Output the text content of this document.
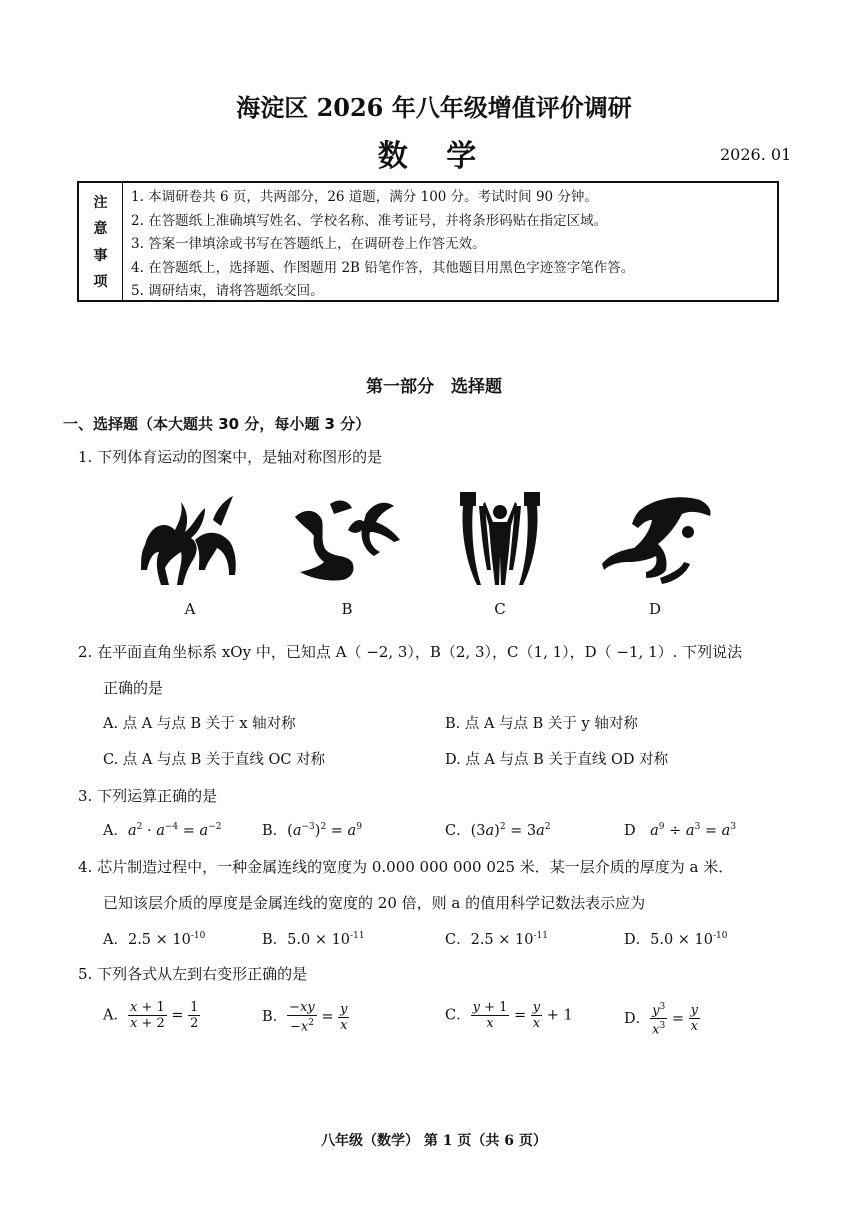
海淀区 2026 年八年级增值评价调研
数 学	2026. 01
注
意
事
项
1. 本调研卷共 6 页，共两部分，26 道题，满分 100 分。考试时间 90 分钟。
2. 在答题纸上准确填写姓名、学校名称、准考证号，并将条形码贴在指定区域。
3. 答案一律填涂或书写在答题纸上，在调研卷上作答无效。
4. 在答题纸上，选择题、作图题用 2B 铅笔作答，其他题目用黑色字迹签字笔作答。
5. 调研结束，请将答题纸交回。
第一部分　选择题
一、选择题（本大题共 30 分，每小题 3 分）
1. 下列体育运动的图案中，是轴对称图形的是
A	B	C	D
2. 在平面直角坐标系 xOy 中，已知点 A（ −2, 3），B（2, 3），C（1, 1），D（ −1, 1）. 下列说法
正确的是
A. 点 A 与点 B 关于 x 轴对称	B. 点 A 与点 B 关于 y 轴对称
C. 点 A 与点 B 关于直线 OC 对称	D. 点 A 与点 B 关于直线 OD 对称
3. 下列运算正确的是
A．$a^2 \cdot a^{-4} = a^{-2}$	B．$(a^{-3})^2 = a^9$	C．$(3a)^2 = 3a^2$	D　 $a^9 \div a^3 = a^3$
4. 芯片制造过程中，一种金属连线的宽度为 0.000 000 000 025 米．某一层介质的厚度为 a 米．
已知该层介质的厚度是金属连线的宽度的 20 倍，则 a 的值用科学记数法表示应为
A．$2.5 \times 10^{-10}$	B．$5.0 \times 10^{-11}$	C．$2.5 \times 10^{-11}$	D．$5.0 \times 10^{-10}$
5. 下列各式从左到右变形正确的是
A． $\frac{x + 1}{x + 2} = \frac{1}{2}$	B． $\frac{-xy}{-x^2} = \frac{y}{x}$	C． $\frac{y + 1}{x} = \frac{y}{x} + 1$	D． $\frac{y^3}{x^3} = \frac{y}{x}$
八年级（数学） 第 1 页（共 6 页）
